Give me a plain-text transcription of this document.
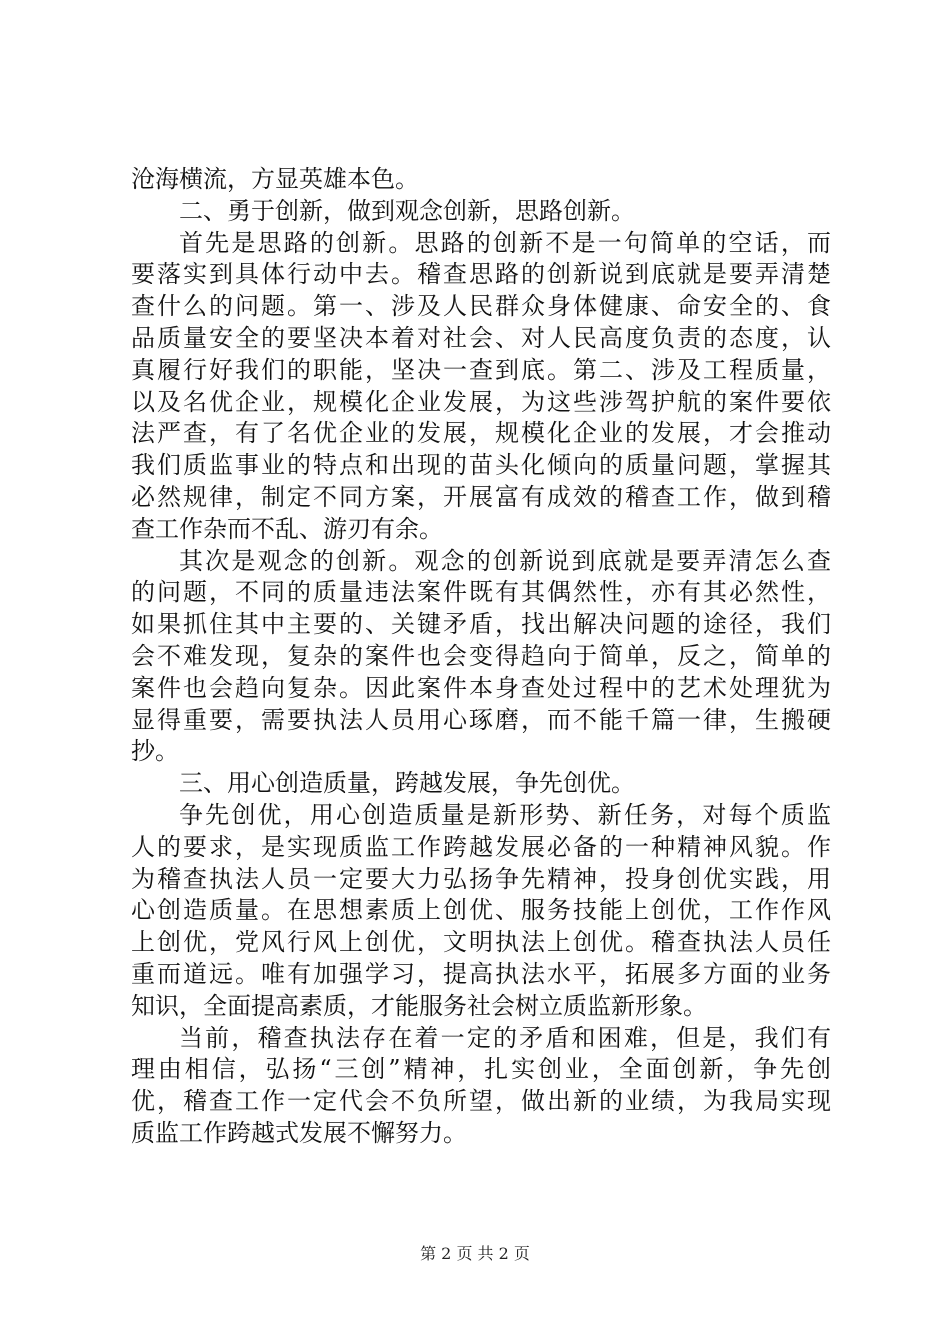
沧海横流，方显英雄本色。
二、勇于创新，做到观念创新，思路创新。
首先是思路的创新。思路的创新不是一句简单的空话，而
要落实到具体行动中去。稽查思路的创新说到底就是要弄清楚
查什么的问题。第一、涉及人民群众身体健康、命安全的、食
品质量安全的要坚决本着对社会、对人民高度负责的态度，认
真履行好我们的职能，坚决一查到底。第二、涉及工程质量，
以及名优企业，规模化企业发展，为这些涉驾护航的案件要依
法严查，有了名优企业的发展，规模化企业的发展，才会推动
我们质监事业的特点和出现的苗头化倾向的质量问题，掌握其
必然规律，制定不同方案，开展富有成效的稽查工作，做到稽
查工作杂而不乱、游刃有余。
其次是观念的创新。观念的创新说到底就是要弄清怎么查
的问题，不同的质量违法案件既有其偶然性，亦有其必然性，
如果抓住其中主要的、关键矛盾，找出解决问题的途径，我们
会不难发现，复杂的案件也会变得趋向于简单，反之，简单的
案件也会趋向复杂。因此案件本身查处过程中的艺术处理犹为
显得重要，需要执法人员用心琢磨，而不能千篇一律，生搬硬
抄。
三、用心创造质量，跨越发展，争先创优。
争先创优，用心创造质量是新形势、新任务，对每个质监
人的要求，是实现质监工作跨越发展必备的一种精神风貌。作
为稽查执法人员一定要大力弘扬争先精神，投身创优实践，用
心创造质量。在思想素质上创优、服务技能上创优，工作作风
上创优，党风行风上创优，文明执法上创优。稽查执法人员任
重而道远。唯有加强学习，提高执法水平，拓展多方面的业务
知识，全面提高素质，才能服务社会树立质监新形象。
当前，稽查执法存在着一定的矛盾和困难，但是，我们有
理由相信，弘扬“三创”精神，扎实创业，全面创新，争先创
优，稽查工作一定代会不负所望，做出新的业绩，为我局实现
质监工作跨越式发展不懈努力。
第 2 页 共 2 页
